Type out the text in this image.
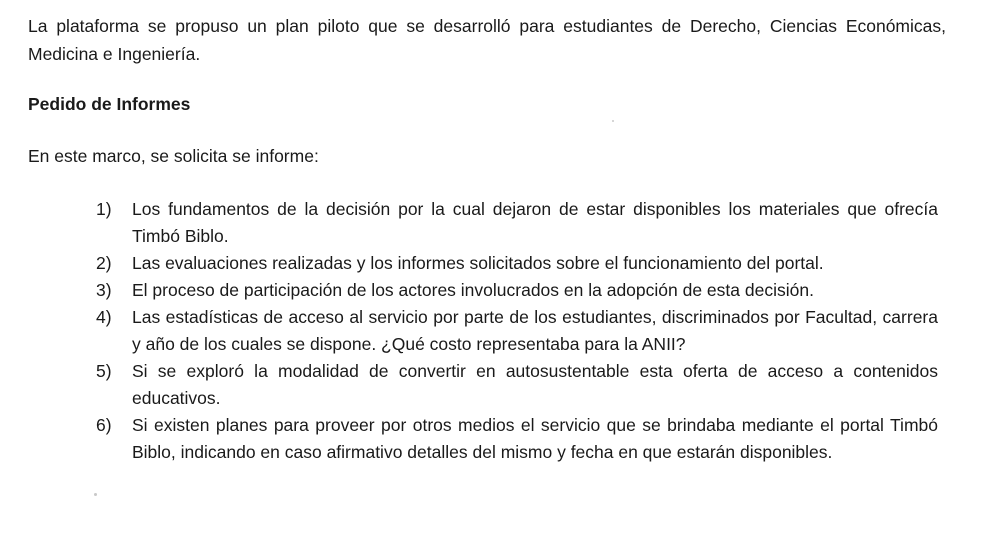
La plataforma se propuso un plan piloto que se desarrolló para estudiantes de Derecho, Ciencias Económicas, Medicina e Ingeniería.

Pedido de Informes

En este marco, se solicita se informe:

1)	Los fundamentos de la decisión por la cual dejaron de estar disponibles los materiales que ofrecía Timbó Biblo.
2)	Las evaluaciones realizadas y los informes solicitados sobre el funcionamiento del portal.
3)	El proceso de participación de los actores involucrados en la adopción de esta decisión.
4)	Las estadísticas de acceso al servicio por parte de los estudiantes, discriminados por Facultad, carrera y año de los cuales se dispone. ¿Qué costo representaba para la ANII?
5)	Si se exploró la modalidad de convertir en autosustentable esta oferta de acceso a contenidos educativos.
6)	Si existen planes para proveer por otros medios el servicio que se brindaba mediante el portal Timbó Biblo, indicando en caso afirmativo detalles del mismo y fecha en que estarán disponibles.
